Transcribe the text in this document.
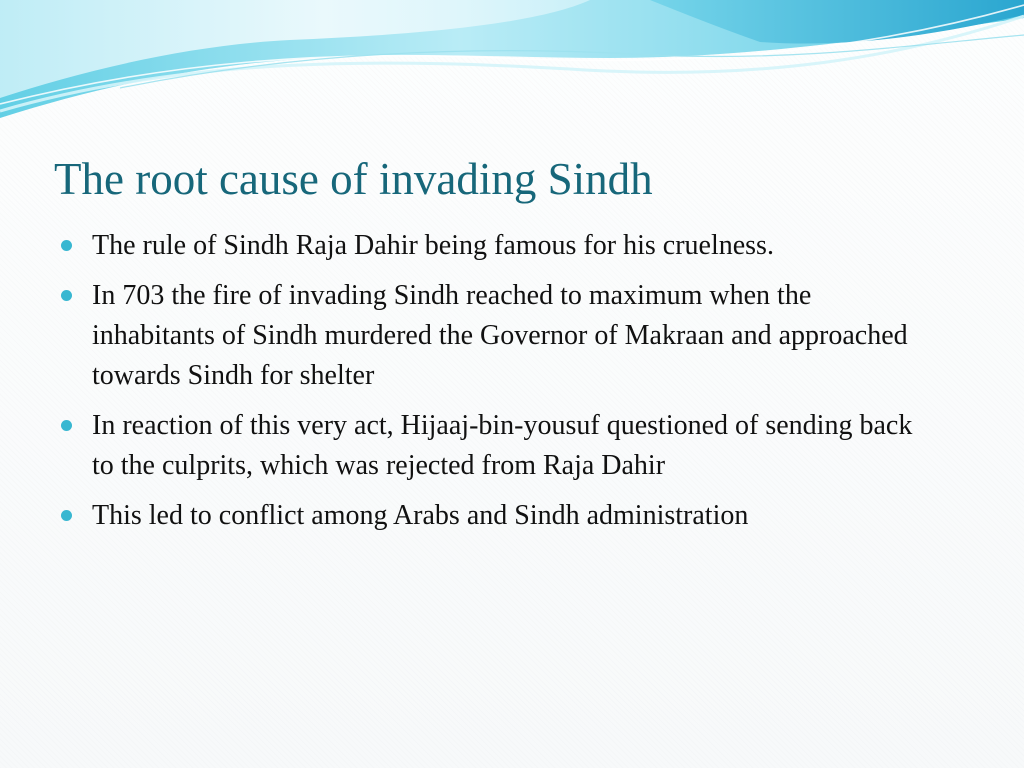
The root cause of invading Sindh
The rule of Sindh Raja Dahir being famous for his cruelness.
In 703 the fire of invading Sindh reached to maximum when the inhabitants of Sindh murdered the Governor of Makraan and approached towards Sindh for shelter
In reaction of this very act, Hijaaj-bin-yousuf questioned of sending back to the culprits, which was rejected from Raja Dahir
This led to conflict among Arabs and Sindh administration
